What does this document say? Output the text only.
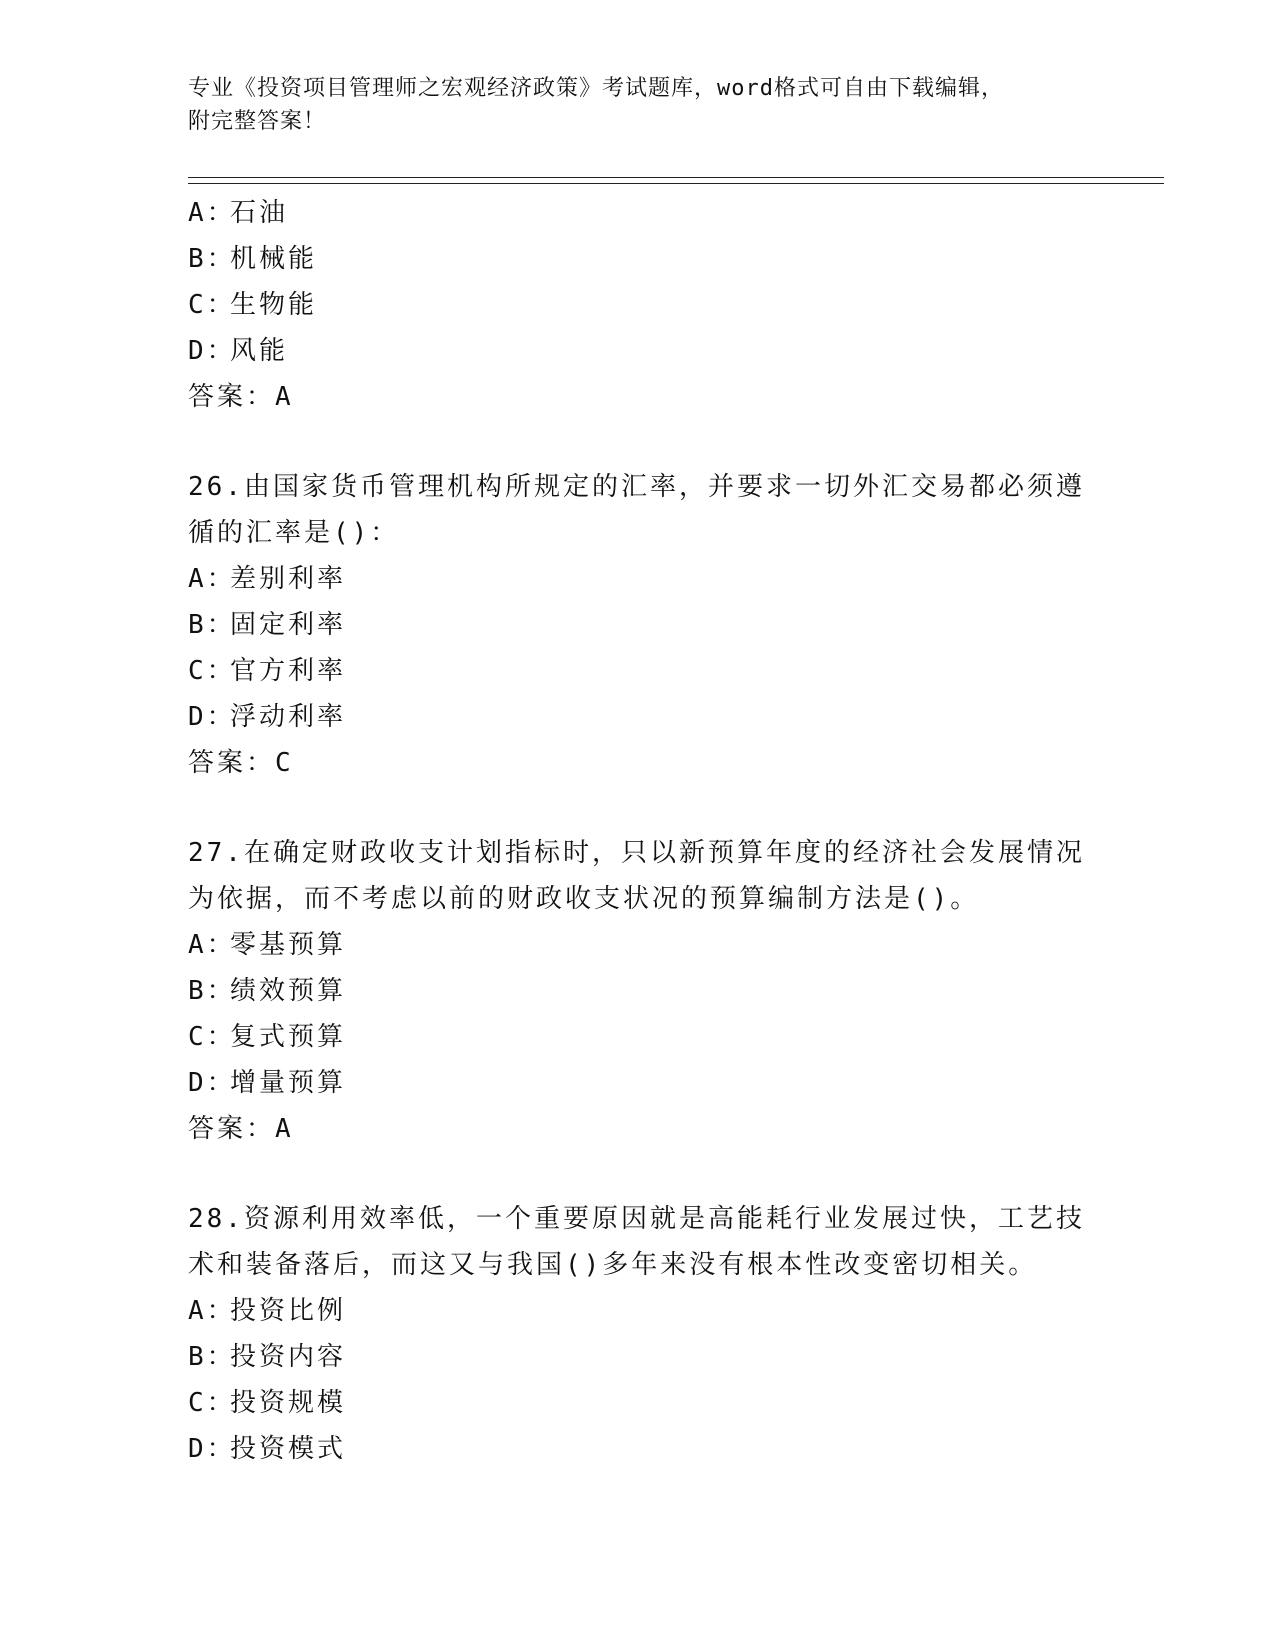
专业《投资项目管理师之宏观经济政策》考试题库，word格式可自由下载编辑，
附完整答案！
A：石油
B：机械能
C：生物能
D：风能
答案：A
26.由国家货币管理机构所规定的汇率，并要求一切外汇交易都必须遵
循的汇率是()：
A：差别利率
B：固定利率
C：官方利率
D：浮动利率
答案：C
27.在确定财政收支计划指标时，只以新预算年度的经济社会发展情况
为依据，而不考虑以前的财政收支状况的预算编制方法是()。
A：零基预算
B：绩效预算
C：复式预算
D：增量预算
答案：A
28.资源利用效率低，一个重要原因就是高能耗行业发展过快，工艺技
术和装备落后，而这又与我国()多年来没有根本性改变密切相关。
A：投资比例
B：投资内容
C：投资规模
D：投资模式
